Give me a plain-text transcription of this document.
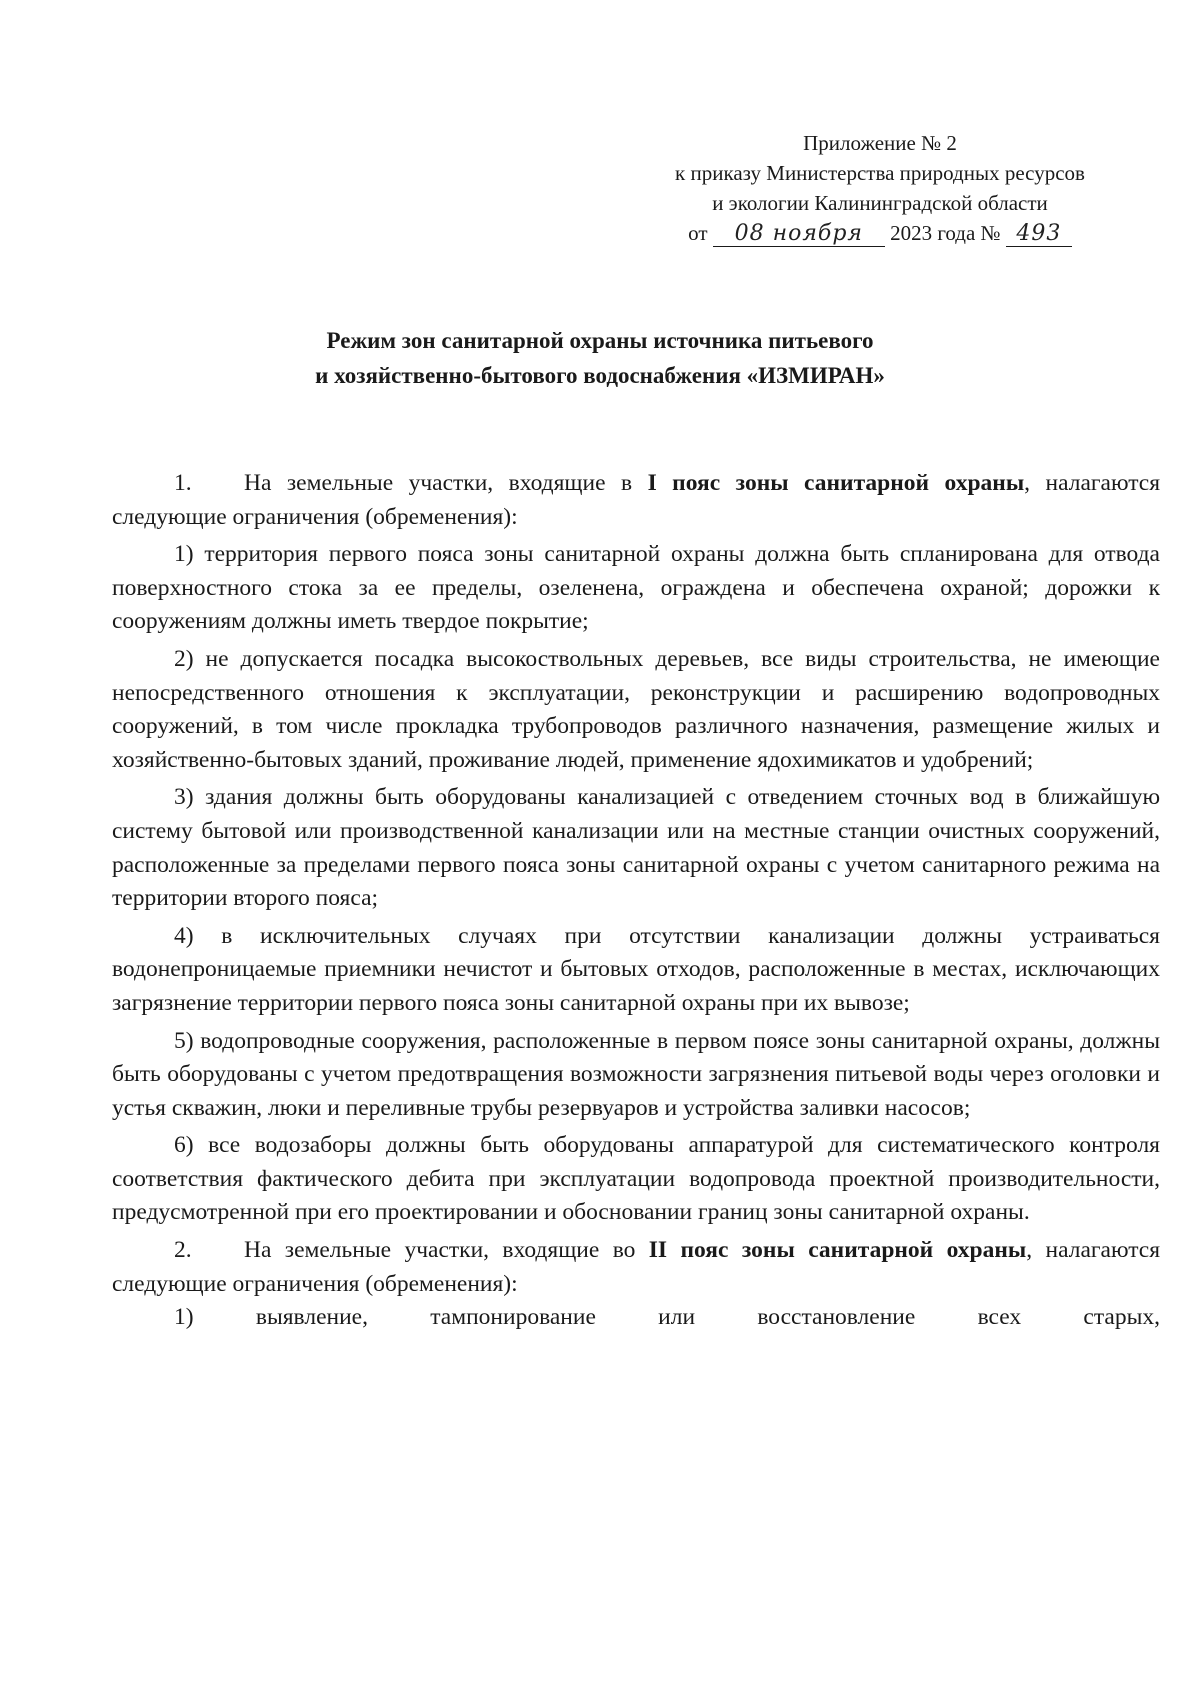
Приложение № 2
к приказу Министерства природных ресурсов
и экологии Калининградской области
от 08 ноября 2023 года № 493
Режим зон санитарной охраны источника питьевого
и хозяйственно-бытового водоснабжения «ИЗМИРАН»

1. На земельные участки, входящие в I пояс зоны санитарной охраны, налагаются следующие ограничения (обременения):

1) территория первого пояса зоны санитарной охраны должна быть спланирована для отвода поверхностного стока за ее пределы, озеленена, ограждена и обеспечена охраной; дорожки к сооружениям должны иметь твердое покрытие;

2) не допускается посадка высокоствольных деревьев, все виды строительства, не имеющие непосредственного отношения к эксплуатации, реконструкции и расширению водопроводных сооружений, в том числе прокладка трубопроводов различного назначения, размещение жилых и хозяйственно-бытовых зданий, проживание людей, применение ядохимикатов и удобрений;

3) здания должны быть оборудованы канализацией с отведением сточных вод в ближайшую систему бытовой или производственной канализации или на местные станции очистных сооружений, расположенные за пределами первого пояса зоны санитарной охраны с учетом санитарного режима на территории второго пояса;

4) в исключительных случаях при отсутствии канализации должны устраиваться водонепроницаемые приемники нечистот и бытовых отходов, расположенные в местах, исключающих загрязнение территории первого пояса зоны санитарной охраны при их вывозе;

5) водопроводные сооружения, расположенные в первом поясе зоны санитарной охраны, должны быть оборудованы с учетом предотвращения возможности загрязнения питьевой воды через оголовки и устья скважин, люки и переливные трубы резервуаров и устройства заливки насосов;

6) все водозаборы должны быть оборудованы аппаратурой для систематического контроля соответствия фактического дебита при эксплуатации водопровода проектной производительности, предусмотренной при его проектировании и обосновании границ зоны санитарной охраны.

2. На земельные участки, входящие во II пояс зоны санитарной охраны, налагаются следующие ограничения (обременения):

1) выявление, тампонирование или восстановление всех старых,
